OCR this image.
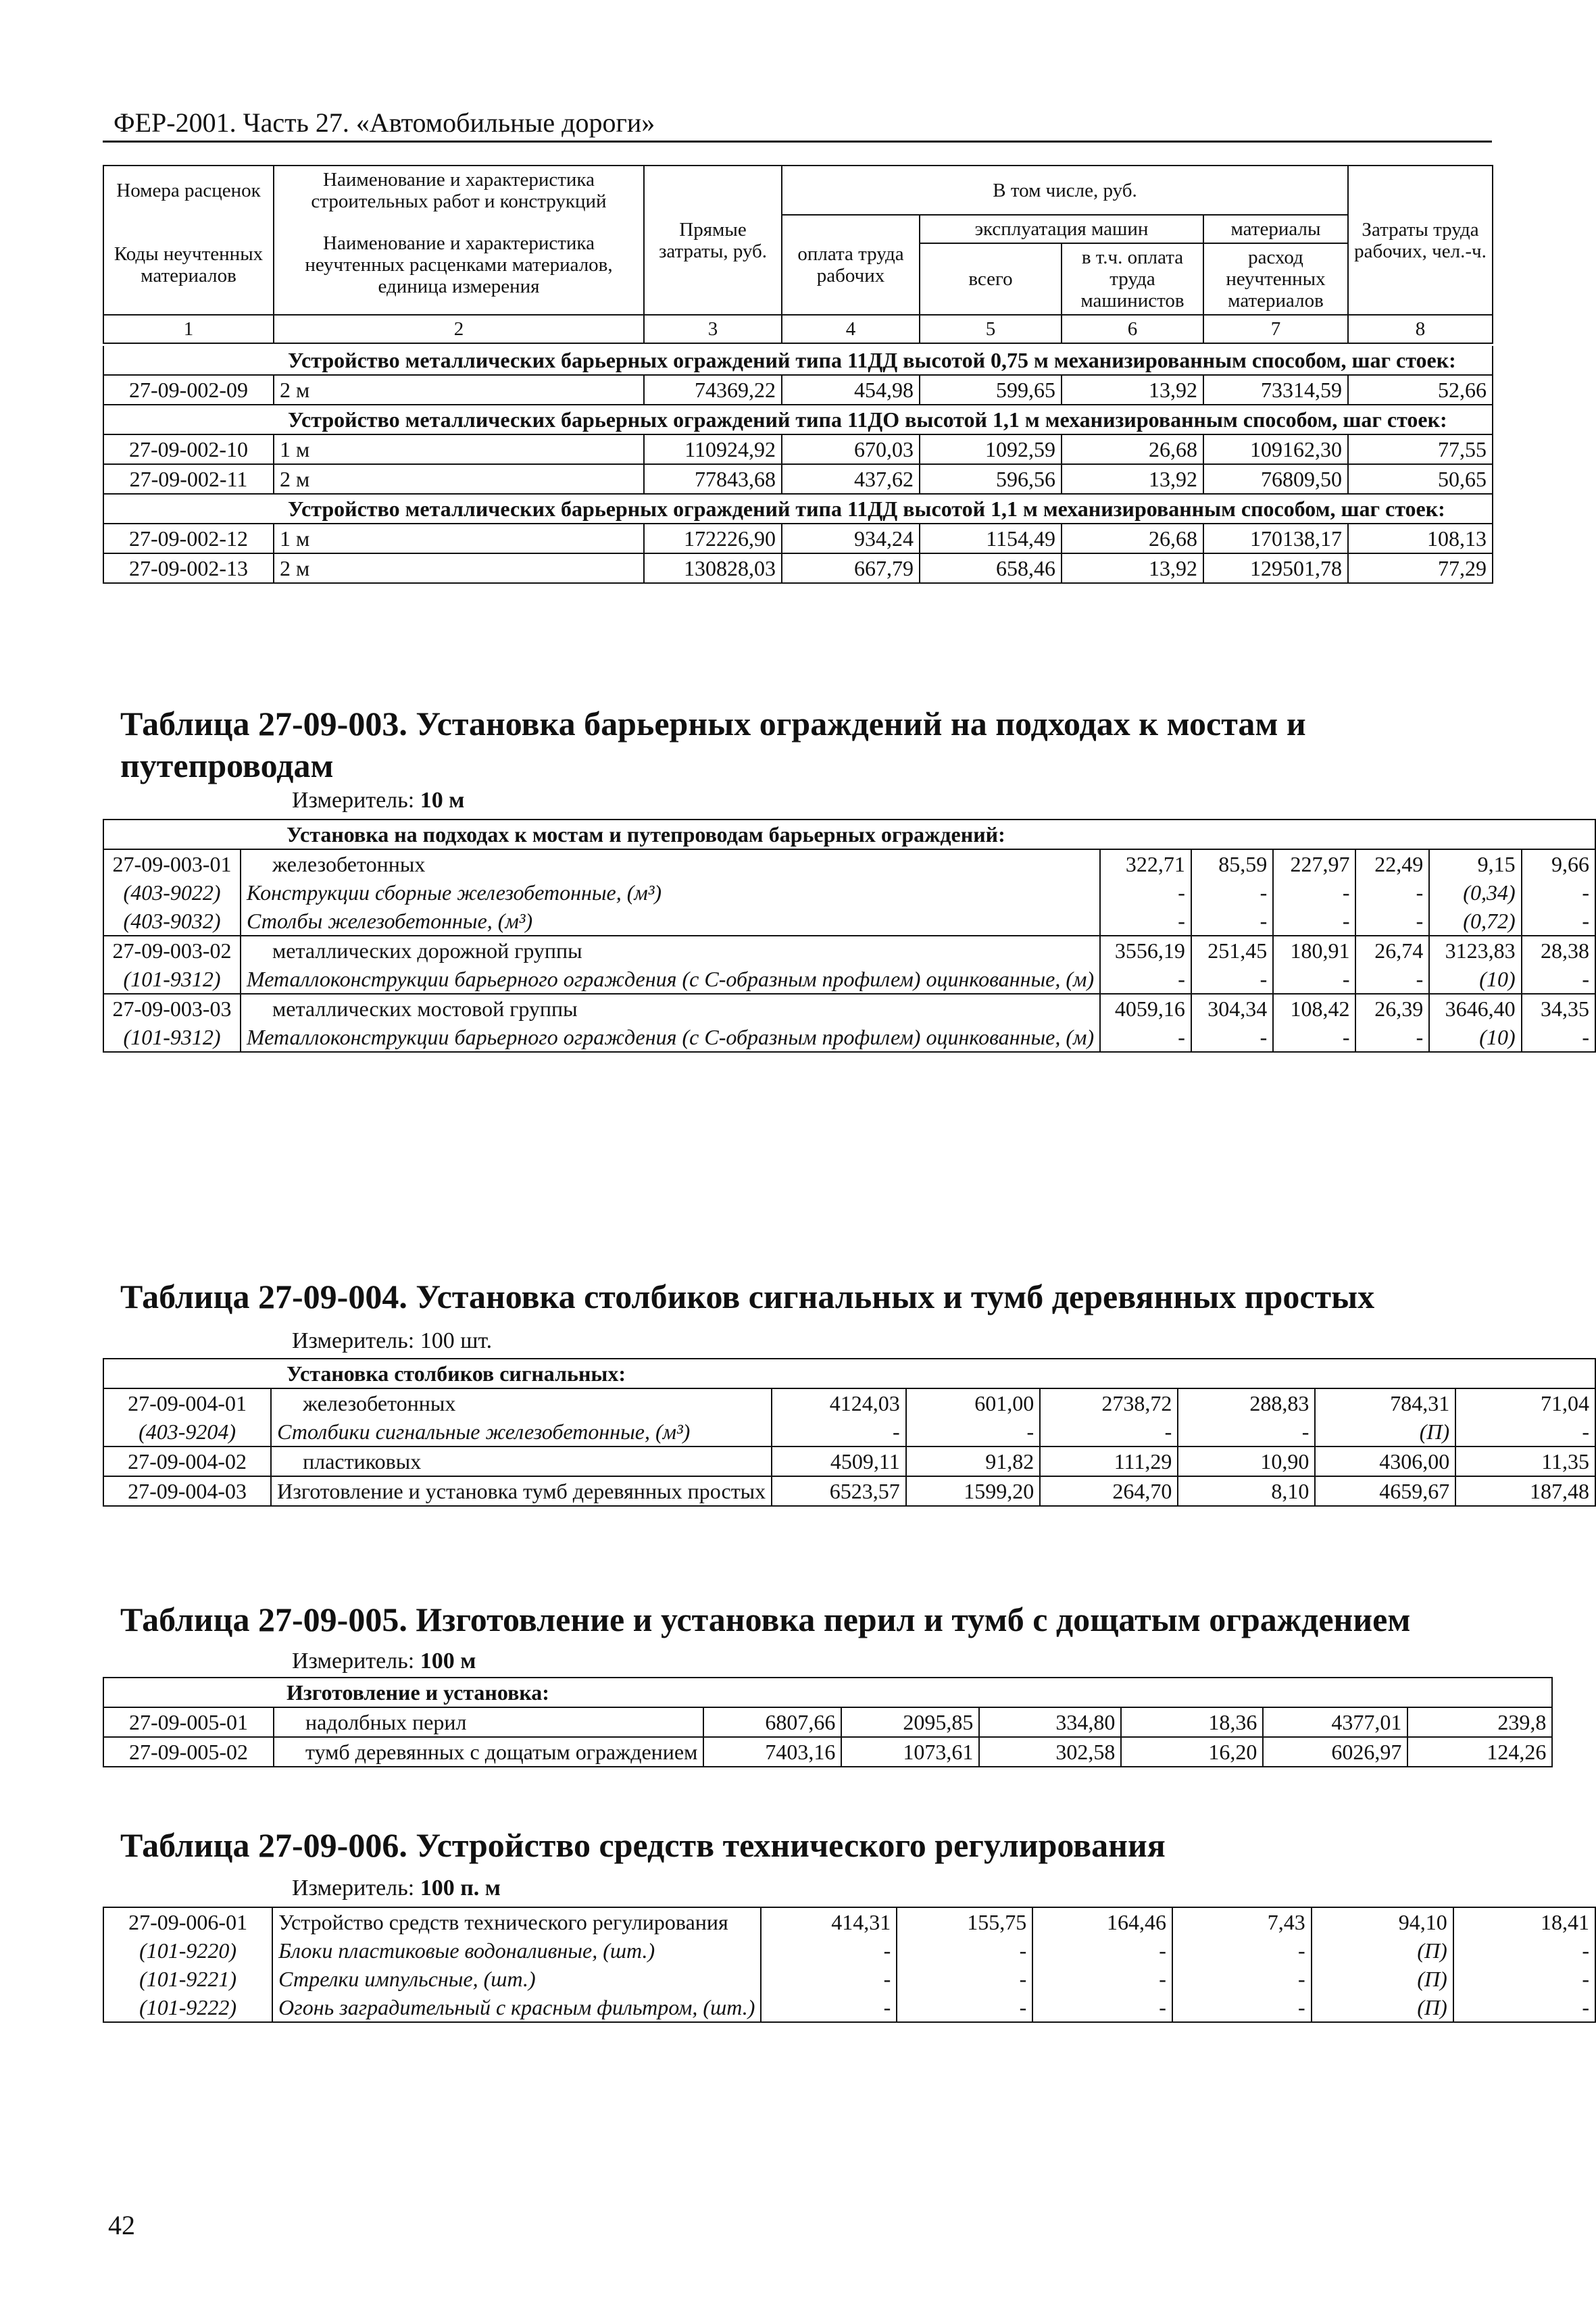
ФЕР-2001. Часть 27. «Автомобильные дороги»
Номера расценок	Наименование и характеристика строительных работ и конструкций	Прямые затраты, руб.	В том числе, руб.				Затраты труда рабочих, чел.-ч.
Коды неучтенных материалов	Наименование и характеристика неучтенных расценками материалов, единица измерения		оплата труда рабочих	эксплуатация машин		материалы	
				всего	в т.ч. оплата труда машинистов	расход неучтенных материалов	

1	2	3	4	5	6	7	8
Устройство металлических барьерных ограждений типа 11ДД высотой 0,75 м механизированным способом, шаг стоек:							
27-09-002-09	2 м	74369,22	454,98	599,65	13,92	73314,59	52,66
Устройство металлических барьерных ограждений типа 11ДО высотой 1,1 м механизированным способом, шаг стоек:							
27-09-002-10	1 м	110924,92	670,03	1092,59	26,68	109162,30	77,55
27-09-002-11	2 м	77843,68	437,62	596,56	13,92	76809,50	50,65
Устройство металлических барьерных ограждений типа 11ДД высотой 1,1 м механизированным способом, шаг стоек:							
27-09-002-12	1 м	172226,90	934,24	1154,49	26,68	170138,17	108,13
27-09-002-13	2 м	130828,03	667,79	658,46	13,92	129501,78	77,29
Таблица 27-09-003. Установка барьерных ограждений на подходах к мостам и путепроводам
Измеритель: 10 м
Установка на подходах к мостам и путепроводам барьерных ограждений:							
27-09-003-01	железобетонных	322,71	85,59	227,97	22,49	9,15	9,66
(403-9022)	Конструкции сборные железобетонные, (м³)	-	-	-	-	(0,34)	-
(403-9032)	Столбы железобетонные, (м³)	-	-	-	-	(0,72)	-
27-09-003-02	металлических дорожной группы	3556,19	251,45	180,91	26,74	3123,83	28,38
(101-9312)	Металлоконструкции барьерного ограждения (с С-образным профилем) оцинкованные, (м)	-	-	-	-	(10)	-
27-09-003-03	металлических мостовой группы	4059,16	304,34	108,42	26,39	3646,40	34,35
(101-9312)	Металлоконструкции барьерного ограждения (с С-образным профилем) оцинкованные, (м)	-	-	-	-	(10)	-
Таблица 27-09-004. Установка столбиков сигнальных и тумб деревянных простых
Измеритель: 100 шт.
Установка столбиков сигнальных:							
27-09-004-01	железобетонных	4124,03	601,00	2738,72	288,83	784,31	71,04
(403-9204)	Столбики сигнальные железобетонные, (м³)	-	-	-	-	(П)	-
27-09-004-02	пластиковых	4509,11	91,82	111,29	10,90	4306,00	11,35
27-09-004-03	Изготовление и установка тумб деревянных простых	6523,57	1599,20	264,70	8,10	4659,67	187,48
Таблица 27-09-005. Изготовление и установка перил и тумб с дощатым ограждением
Измеритель: 100 м
Изготовление и установка:							
27-09-005-01	надолбных перил	6807,66	2095,85	334,80	18,36	4377,01	239,8
27-09-005-02	тумб деревянных с дощатым ограждением	7403,16	1073,61	302,58	16,20	6026,97	124,26
Таблица 27-09-006. Устройство средств технического регулирования
Измеритель: 100 п. м
27-09-006-01	Устройство средств технического регулирования	414,31	155,75	164,46	7,43	94,10	18,41
(101-9220)	Блоки пластиковые водоналивные, (шт.)	-	-	-	-	(П)	-
(101-9221)	Стрелки импульсные, (шт.)	-	-	-	-	(П)	-
(101-9222)	Огонь заградительный с красным фильтром, (шт.)	-	-	-	-	(П)	-
42
